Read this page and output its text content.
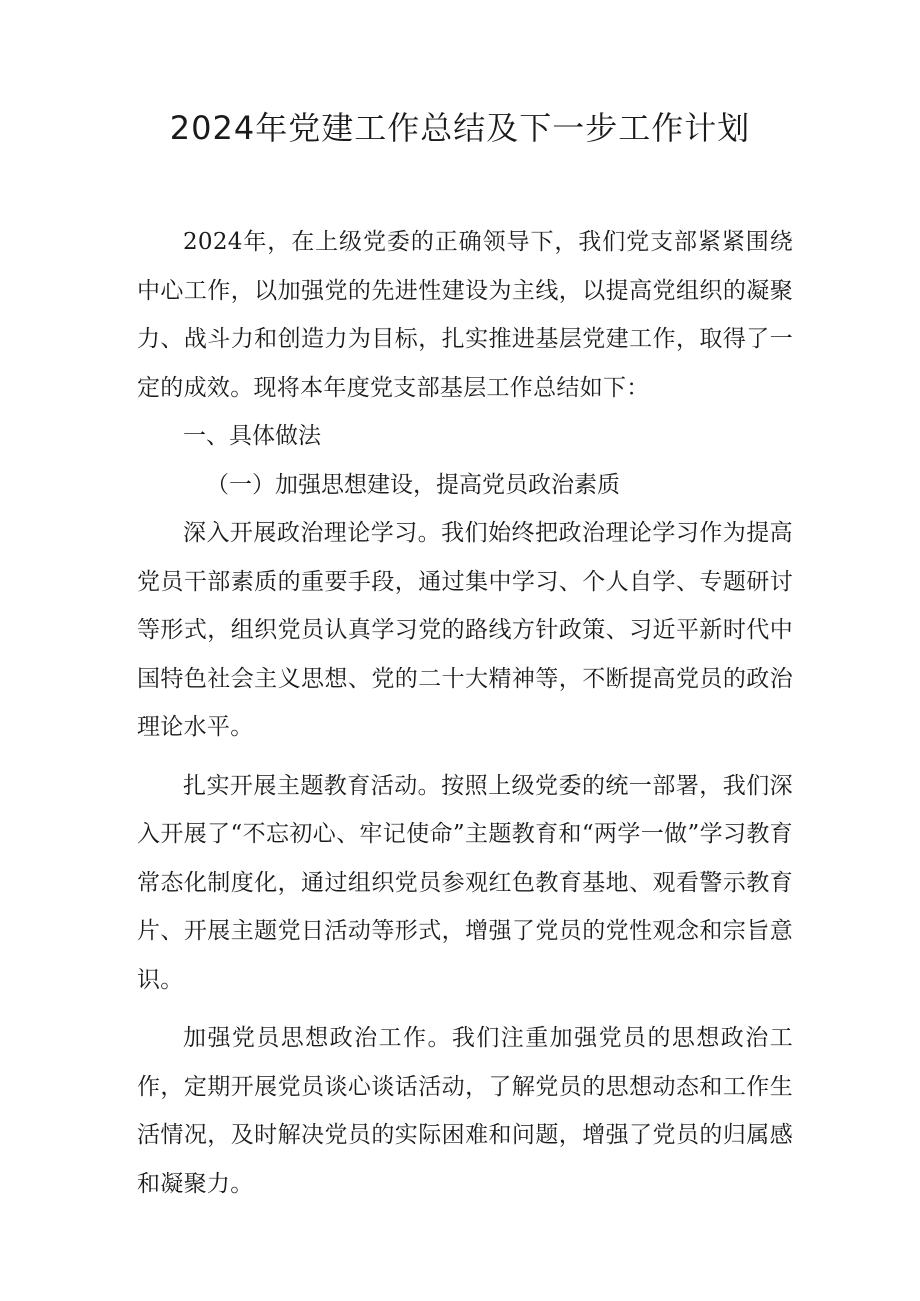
2024年党建工作总结及下一步工作计划

2024年，在上级党委的正确领导下，我们党支部紧紧围绕中心工作，以加强党的先进性建设为主线，以提高党组织的凝聚力、战斗力和创造力为目标，扎实推进基层党建工作，取得了一定的成效。现将本年度党支部基层工作总结如下：

一、具体做法

（一）加强思想建设，提高党员政治素质

深入开展政治理论学习。我们始终把政治理论学习作为提高党员干部素质的重要手段，通过集中学习、个人自学、专题研讨等形式，组织党员认真学习党的路线方针政策、习近平新时代中国特色社会主义思想、党的二十大精神等，不断提高党员的政治理论水平。

扎实开展主题教育活动。按照上级党委的统一部署，我们深入开展了“不忘初心、牢记使命”主题教育和“两学一做”学习教育常态化制度化，通过组织党员参观红色教育基地、观看警示教育片、开展主题党日活动等形式，增强了党员的党性观念和宗旨意识。

加强党员思想政治工作。我们注重加强党员的思想政治工作，定期开展党员谈心谈话活动，了解党员的思想动态和工作生活情况，及时解决党员的实际困难和问题，增强了党员的归属感和凝聚力。
